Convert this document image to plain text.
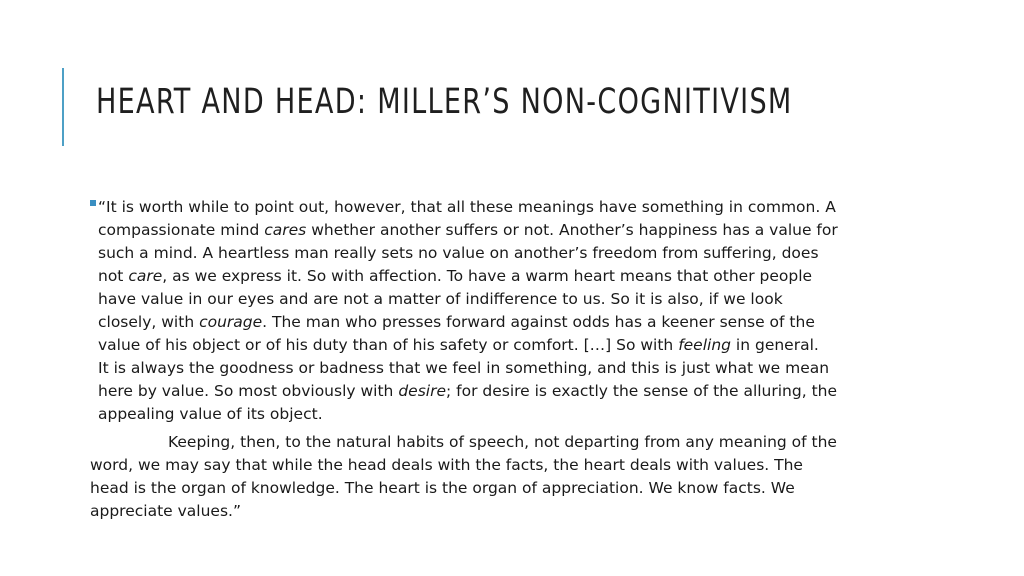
HEART AND HEAD: MILLER’S NON-COGNITIVISM

“It is worth while to point out, however, that all these meanings have something in common. A
compassionate mind cares whether another suffers or not. Another’s happiness has a value for
such a mind. A heartless man really sets no value on another’s freedom from suffering, does
not care, as we express it. So with affection. To have a warm heart means that other people
have value in our eyes and are not a matter of indifference to us. So it is also, if we look
closely, with courage. The man who presses forward against odds has a keener sense of the
value of his object or of his duty than of his safety or comfort. […] So with feeling in general.
It is always the goodness or badness that we feel in something, and this is just what we mean
here by value. So most obviously with desire; for desire is exactly the sense of the alluring, the
appealing value of its object.

Keeping, then, to the natural habits of speech, not departing from any meaning of the
word, we may say that while the head deals with the facts, the heart deals with values. The
head is the organ of knowledge. The heart is the organ of appreciation. We know facts. We
appreciate values.”
